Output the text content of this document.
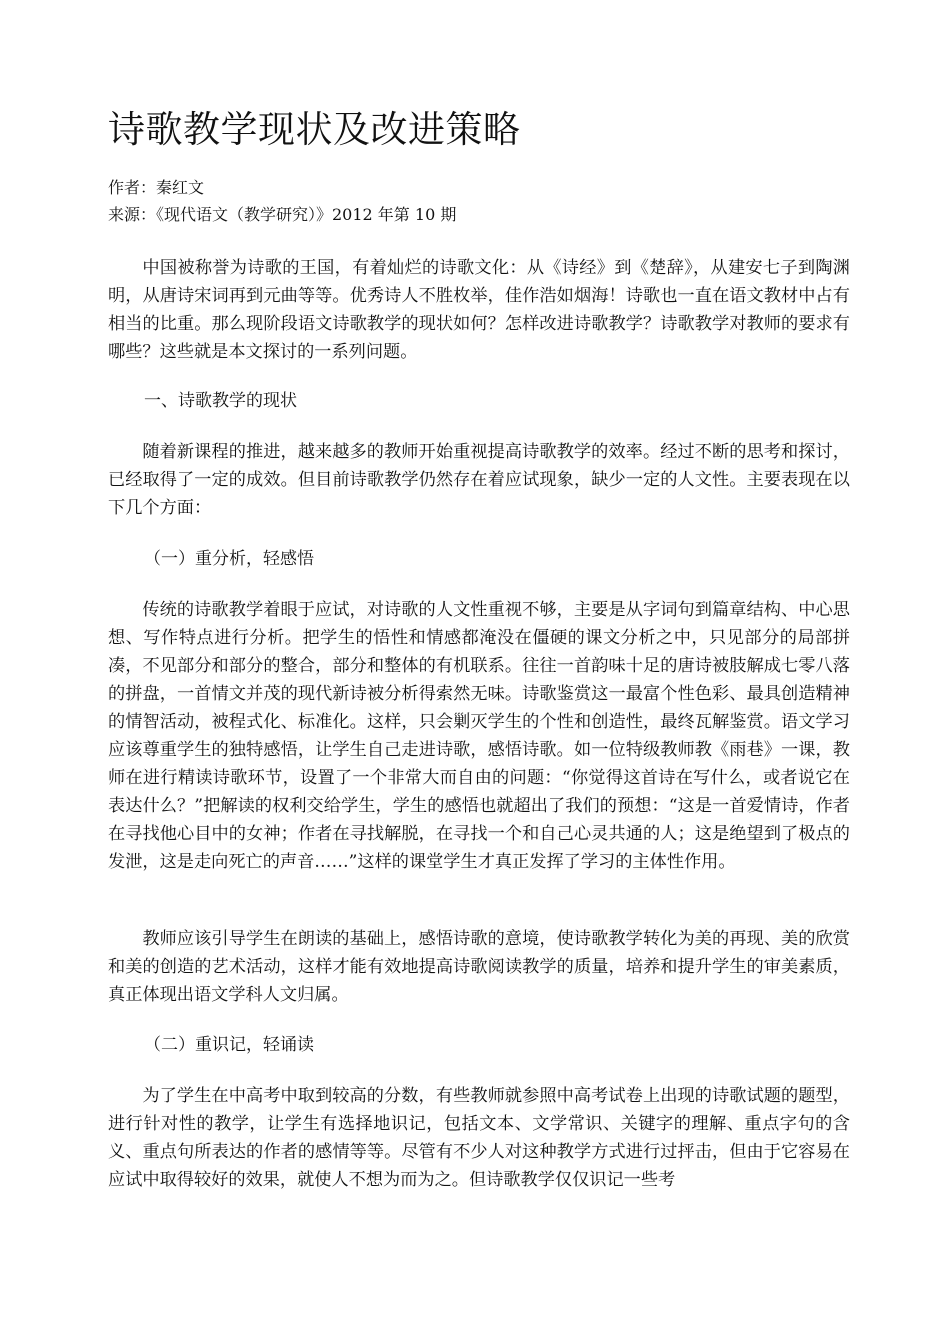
诗歌教学现状及改进策略
作者：秦红文
来源：《现代语文（教学研究）》2012 年第 10 期

中国被称誉为诗歌的王国，有着灿烂的诗歌文化：从《诗经》到《楚辞》，从建安七子到陶渊明，从唐诗宋词再到元曲等等。优秀诗人不胜枚举，佳作浩如烟海！诗歌也一直在语文教材中占有相当的比重。那么现阶段语文诗歌教学的现状如何？怎样改进诗歌教学？诗歌教学对教师的要求有哪些？这些就是本文探讨的一系列问题。

一、诗歌教学的现状

随着新课程的推进，越来越多的教师开始重视提高诗歌教学的效率。经过不断的思考和探讨，已经取得了一定的成效。但目前诗歌教学仍然存在着应试现象，缺少一定的人文性。主要表现在以下几个方面：

（一）重分析，轻感悟

传统的诗歌教学着眼于应试，对诗歌的人文性重视不够，主要是从字词句到篇章结构、中心思想、写作特点进行分析。把学生的悟性和情感都淹没在僵硬的课文分析之中，只见部分的局部拼凑，不见部分和部分的整合，部分和整体的有机联系。往往一首韵味十足的唐诗被肢解成七零八落的拼盘，一首情文并茂的现代新诗被分析得索然无味。诗歌鉴赏这一最富个性色彩、最具创造精神的情智活动，被程式化、标准化。这样，只会剿灭学生的个性和创造性，最终瓦解鉴赏。语文学习应该尊重学生的独特感悟，让学生自己走进诗歌，感悟诗歌。如一位特级教师教《雨巷》一课，教师在进行精读诗歌环节，设置了一个非常大而自由的问题：“你觉得这首诗在写什么，或者说它在表达什么？”把解读的权利交给学生，学生的感悟也就超出了我们的预想：“这是一首爱情诗，作者在寻找他心目中的女神；作者在寻找解脱，在寻找一个和自己心灵共通的人；这是绝望到了极点的发泄，这是走向死亡的声音……”这样的课堂学生才真正发挥了学习的主体性作用。

教师应该引导学生在朗读的基础上，感悟诗歌的意境，使诗歌教学转化为美的再现、美的欣赏和美的创造的艺术活动，这样才能有效地提高诗歌阅读教学的质量，培养和提升学生的审美素质，真正体现出语文学科人文归属。

（二）重识记，轻诵读

为了学生在中高考中取到较高的分数，有些教师就参照中高考试卷上出现的诗歌试题的题型，进行针对性的教学，让学生有选择地识记，包括文本、文学常识、关键字的理解、重点字句的含义、重点句所表达的作者的感情等等。尽管有不少人对这种教学方式进行过抨击，但由于它容易在应试中取得较好的效果，就使人不想为而为之。但诗歌教学仅仅识记一些考
